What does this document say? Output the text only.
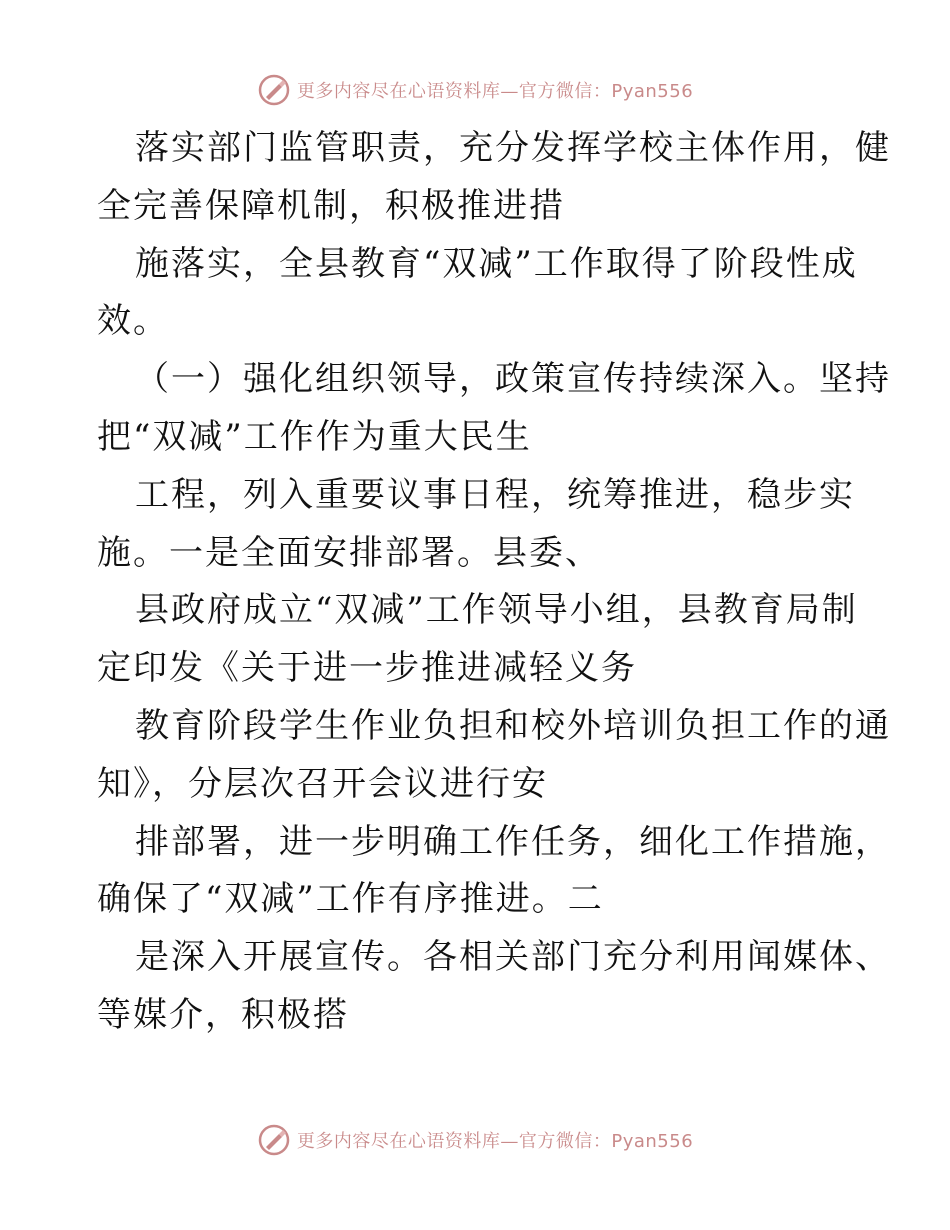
更多内容尽在心语资料库—官方微信：Pyan556
落实部门监管职责，充分发挥学校主体作用，健
全完善保障机制，积极推进措
施落实，全县教育“双减”工作取得了阶段性成
效。
（一）强化组织领导，政策宣传持续深入。坚持
把“双减”工作作为重大民生
工程，列入重要议事日程，统筹推进，稳步实
施。一是全面安排部署。县委、
县政府成立“双减”工作领导小组，县教育局制
定印发《关于进一步推进减轻义务
教育阶段学生作业负担和校外培训负担工作的通
知》，分层次召开会议进行安
排部署，进一步明确工作任务，细化工作措施，
确保了“双减”工作有序推进。二
是深入开展宣传。各相关部门充分利用闻媒体、
等媒介，积极搭
更多内容尽在心语资料库—官方微信：Pyan556
